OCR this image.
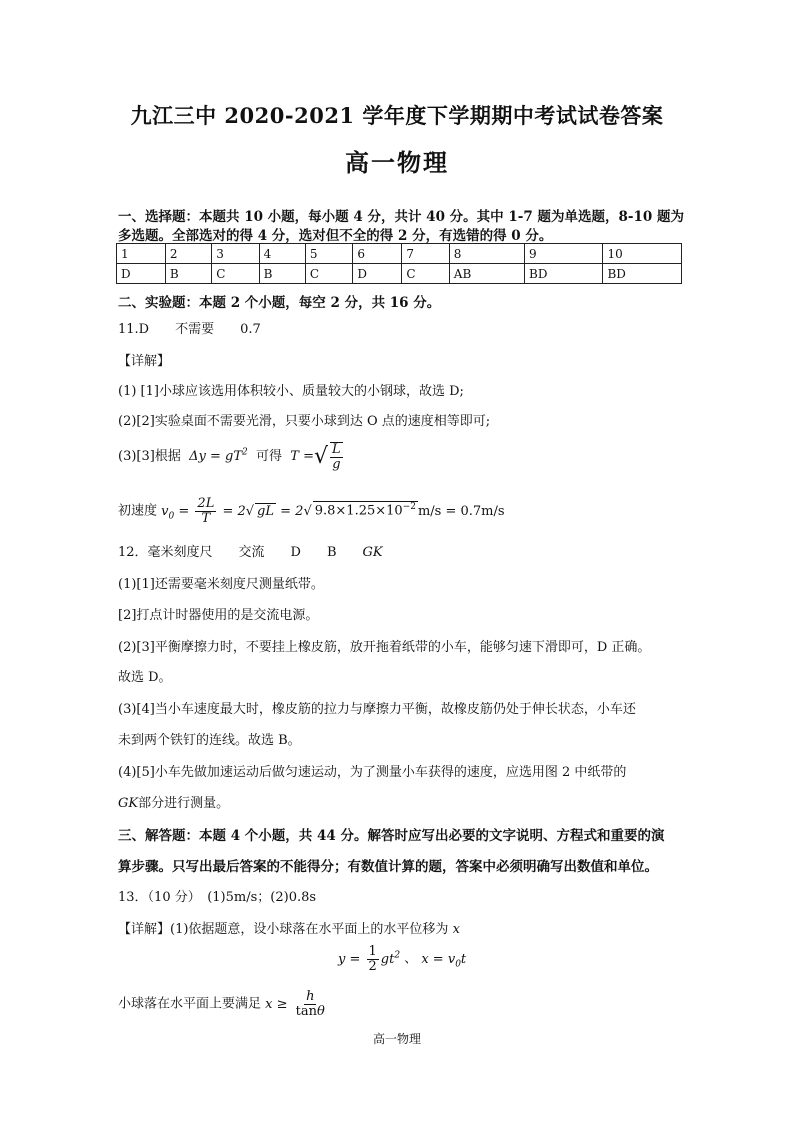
九江三中 2020-2021 学年度下学期期中考试试卷答案
高一物理
一、选择题：本题共 10 小题，每小题 4 分，共计 40 分。其中 1-7 题为单选题，8-10 题为
多选题。全部选对的得 4 分，选对但不全的得 2 分，有选错的得 0 分。
1	2	3	4	5	6	7	8	9	10
D	B	C	B	C	D	C	AB	BD	BD
二、实验题：本题 2 个小题，每空 2 分，共 16 分。
11.D　　不需要　　0.7
【详解】
(1) [1]小球应该选用体积较小、质量较大的小钢球，故选 D;
(2)[2]实验桌面不需要光滑，只要小球到达 O 点的速度相等即可;
(3)[3]根据  $\Delta y = gT^2$ 可得  T =√ $\frac{L}{g}$
初速度 $v_0 = \frac{2L}{T} = 2√$ gL = 2√ $9.8\times 1.25\times 10^{-2}$ m/s = 0.7m/s
12．毫米刻度尺　　交流　　D　　B　　GK
(1)[1]还需要毫米刻度尺测量纸带。
[2]打点计时器使用的是交流电源。
(2)[3]平衡摩擦力时，不要挂上橡皮筋，放开拖着纸带的小车，能够匀速下滑即可，D 正确。
故选 D。
(3)[4]当小车速度最大时，橡皮筋的拉力与摩擦力平衡，故橡皮筋仍处于伸长状态，小车还
未到两个铁钉的连线。故选 B。
(4)[5]小车先做加速运动后做匀速运动，为了测量小车获得的速度，应选用图 2 中纸带的
GK部分进行测量。
三、解答题：本题 4 个小题，共 44 分。解答时应写出必要的文字说明、方程式和重要的演
算步骤。只写出最后答案的不能得分；有数值计算的题，答案中必须明确写出数值和单位。
13．（10 分）　(1)5m/s；(2)0.8s
【详解】(1)依据题意，设小球落在水平面上的水平位移为 x
$y = \frac{1}{2} gt^2$ 、 $x = v_0t$
小球落在水平面上要满足 $x \ge \frac{h}{\tan\theta}$
高一物理
